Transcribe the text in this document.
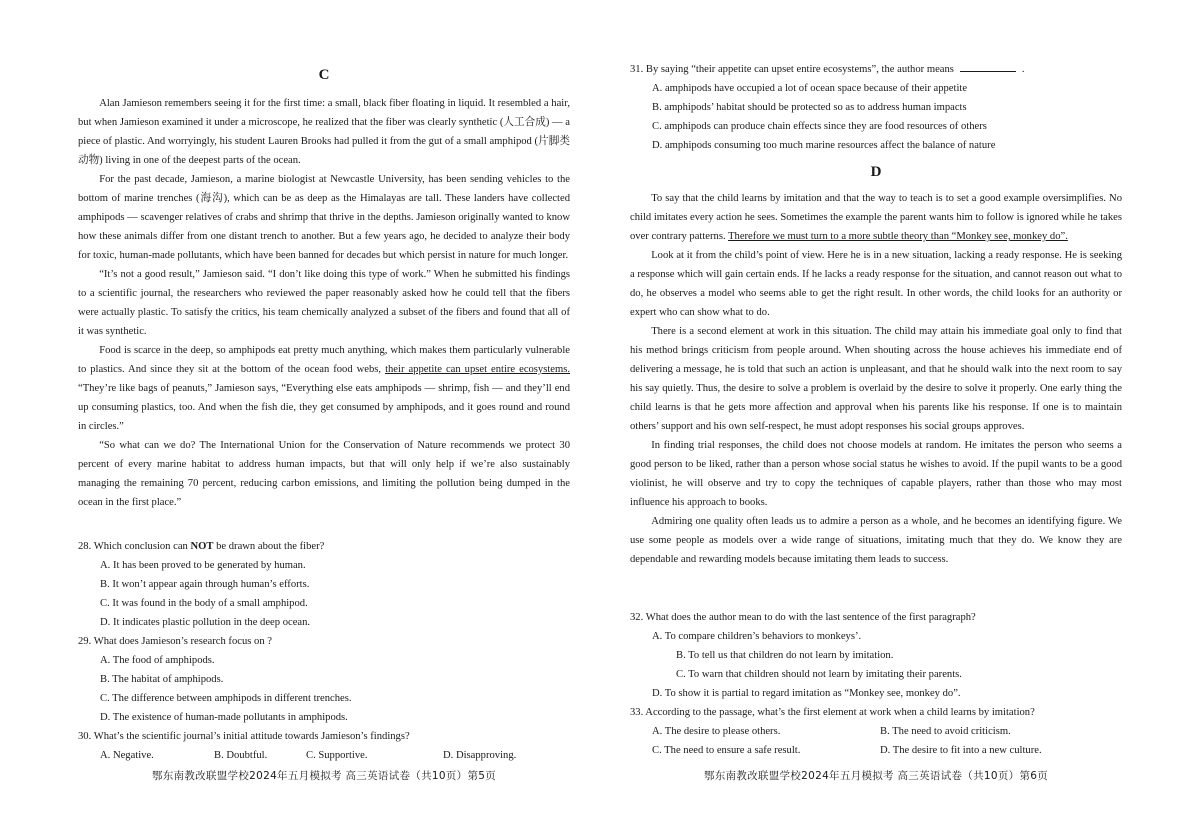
C

Alan Jamieson remembers seeing it for the first time: a small, black fiber floating in liquid. It resembled a hair, but when Jamieson examined it under a microscope, he realized that the fiber was clearly synthetic (人工合成) — a piece of plastic. And worryingly, his student Lauren Brooks had pulled it from the gut of a small amphipod (片脚类动物) living in one of the deepest parts of the ocean.

For the past decade, Jamieson, a marine biologist at Newcastle University, has been sending vehicles to the bottom of marine trenches (海沟), which can be as deep as the Himalayas are tall. These landers have collected amphipods — scavenger relatives of crabs and shrimp that thrive in the depths. Jamieson originally wanted to know how these animals differ from one distant trench to another. But a few years ago, he decided to analyze their body for toxic, human-made pollutants, which have been banned for decades but which persist in nature for much longer.

“It’s not a good result,” Jamieson said. “I don’t like doing this type of work.” When he submitted his findings to a scientific journal, the researchers who reviewed the paper reasonably asked how he could tell that the fibers were actually plastic. To satisfy the critics, his team chemically analyzed a subset of the fibers and found that all of it was synthetic.

Food is scarce in the deep, so amphipods eat pretty much anything, which makes them particularly vulnerable to plastics. And since they sit at the bottom of the ocean food webs, their appetite can upset entire ecosystems. “They’re like bags of peanuts,” Jamieson says, “Everything else eats amphipods — shrimp, fish — and they’ll end up consuming plastics, too. And when the fish die, they get consumed by amphipods, and it goes round and round in circles.”

“So what can we do? The International Union for the Conservation of Nature recommends we protect 30 percent of every marine habitat to address human impacts, but that will only help if we’re also sustainably managing the remaining 70 percent, reducing carbon emissions, and limiting the pollution being dumped in the ocean in the first place.”

28. Which conclusion can NOT be drawn about the fiber?

A. It has been proved to be generated by human.

B. It won’t appear again through human’s efforts.

C. It was found in the body of a small amphipod.

D. It indicates plastic pollution in the deep ocean.

29. What does Jamieson’s research focus on ?

A. The food of amphipods.

B. The habitat of amphipods.

C. The difference between amphipods in different trenches.

D. The existence of human-made pollutants in amphipods.

30. What’s the scientific journal’s initial attitude towards Jamieson’s findings?

A. Negative.	B. Doubtful.	C. Supportive.	D. Disapproving.
鄂东南教改联盟学校2024年五月模拟考 高三英语试卷（共10页）第5页

31. By saying “their appetite can upset entire ecosystems”, the author means	.

A. amphipods have occupied a lot of ocean space because of their appetite

B. amphipods’ habitat should be protected so as to address human impacts

C. amphipods can produce chain effects since they are food resources of others

D. amphipods consuming too much marine resources affect the balance of nature

D

To say that the child learns by imitation and that the way to teach is to set a good example oversimplifies. No child imitates every action he sees. Sometimes the example the parent wants him to follow is ignored while he takes over contrary patterns. Therefore we must turn to a more subtle theory than “Monkey see, monkey do”.

Look at it from the child’s point of view. Here he is in a new situation, lacking a ready response. He is seeking a response which will gain certain ends. If he lacks a ready response for the situation, and cannot reason out what to do, he observes a model who seems able to get the right result. In other words, the child looks for an authority or expert who can show what to do.

There is a second element at work in this situation. The child may attain his immediate goal only to find that his method brings criticism from people around. When shouting across the house achieves his immediate end of delivering a message, he is told that such an action is unpleasant, and that he should walk into the next room to say his say quietly. Thus, the desire to solve a problem is overlaid by the desire to solve it properly. One early thing the child learns is that he gets more affection and approval when his parents like his response. If one is to maintain others’ support and his own self-respect, he must adopt responses his social groups approves.

In finding trial responses, the child does not choose models at random. He imitates the person who seems a good person to be liked, rather than a person whose social status he wishes to avoid. If the pupil wants to be a good violinist, he will observe and try to copy the techniques of capable players, rather than those who may most influence his approach to books.

Admiring one quality often leads us to admire a person as a whole, and he becomes an identifying figure. We use some people as models over a wide range of situations, imitating much that they do. We know they are dependable and rewarding models because imitating them leads to success.

32. What does the author mean to do with the last sentence of the first paragraph?

A. To compare children’s behaviors to monkeys’.

B. To tell us that children do not learn by imitation.

C. To warn that children should not learn by imitating their parents.

D. To show it is partial to regard imitation as “Monkey see, monkey do”.

33. According to the passage, what’s the first element at work when a child learns by imitation?

A. The desire to please others.	B. The need to avoid criticism.
C. The need to ensure a safe result.	D. The desire to fit into a new culture.
鄂东南教改联盟学校2024年五月模拟考 高三英语试卷（共10页）第6页
